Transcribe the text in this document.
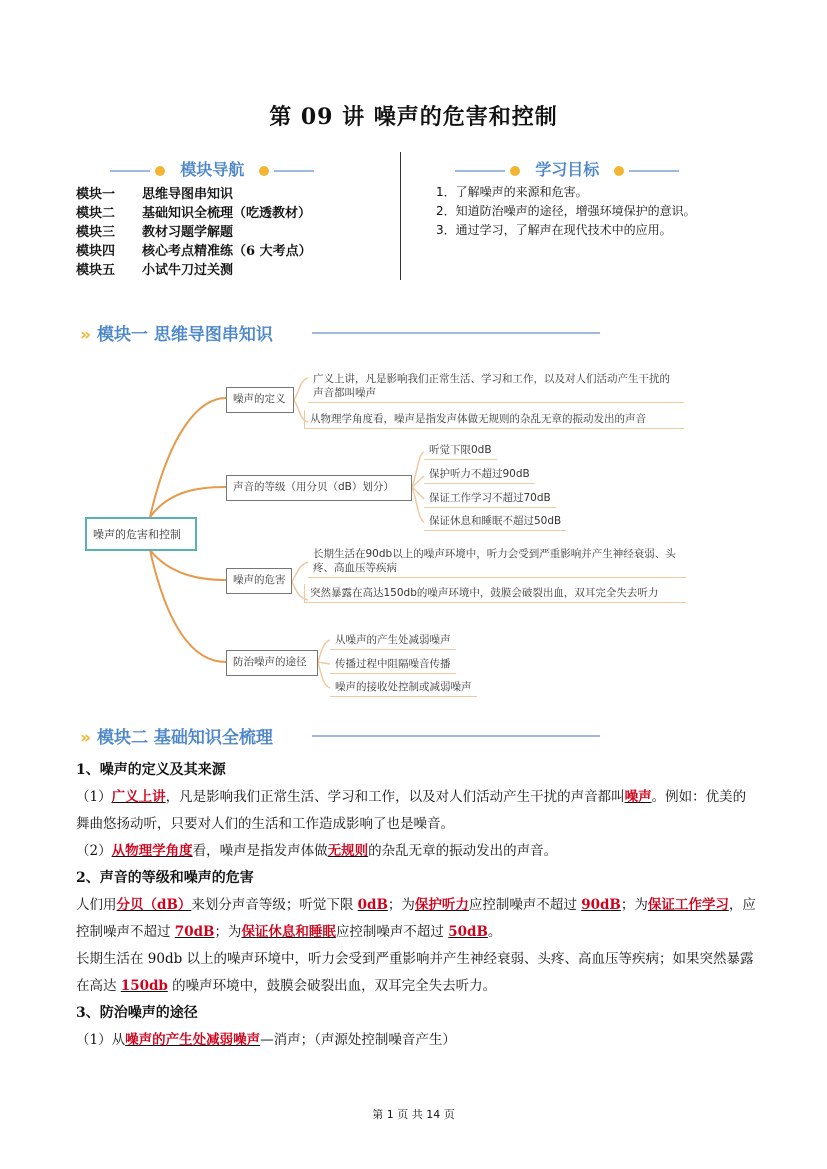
第 09 讲 噪声的危害和控制
模块导航
模块一 思维导图串知识
模块二 基础知识全梳理（吃透教材）
模块三 教材习题学解题
模块四 核心考点精准练（6 大考点）
模块五 小试牛刀过关测
学习目标
1．了解噪声的来源和危害。
2．知道防治噪声的途径，增强环境保护的意识。
3．通过学习，了解声在现代技术中的应用。
» 模块一 思维导图串知识
噪声的危害和控制
噪声的定义
广义上讲，凡是影响我们正常生活、学习和工作，以及对人们活动产生干扰的声音都叫噪声
从物理学角度看，噪声是指发声体做无规则的杂乱无章的振动发出的声音
声音的等级（用分贝（dB）划分）
听觉下限0dB
保护听力不超过90dB
保证工作学习不超过70dB
保证休息和睡眠不超过50dB
噪声的危害
长期生活在90db以上的噪声环境中，听力会受到严重影响并产生神经衰弱、头疼、高血压等疾病
突然暴露在高达150db的噪声环境中，鼓膜会破裂出血，双耳完全失去听力
防治噪声的途径
从噪声的产生处减弱噪声
传播过程中阻隔噪音传播
噪声的接收处控制或减弱噪声
» 模块二 基础知识全梳理
1、噪声的定义及其来源
（1）广义上讲，凡是影响我们正常生活、学习和工作，以及对人们活动产生干扰的声音都叫噪声。例如：优美的舞曲悠扬动听，只要对人们的生活和工作造成影响了也是噪音。
（2）从物理学角度看，噪声是指发声体做无规则的杂乱无章的振动发出的声音。
2、声音的等级和噪声的危害
人们用分贝（dB）来划分声音等级；听觉下限 0dB；为保护听力应控制噪声不超过 90dB；为保证工作学习，应控制噪声不超过 70dB；为保证休息和睡眠应控制噪声不超过 50dB。
长期生活在 90db 以上的噪声环境中，听力会受到严重影响并产生神经衰弱、头疼、高血压等疾病；如果突然暴露在高达 150db 的噪声环境中，鼓膜会破裂出血，双耳完全失去听力。
3、防治噪声的途径
（1）从噪声的产生处减弱噪声—消声；（声源处控制噪音产生）
第 1 页 共 14 页
